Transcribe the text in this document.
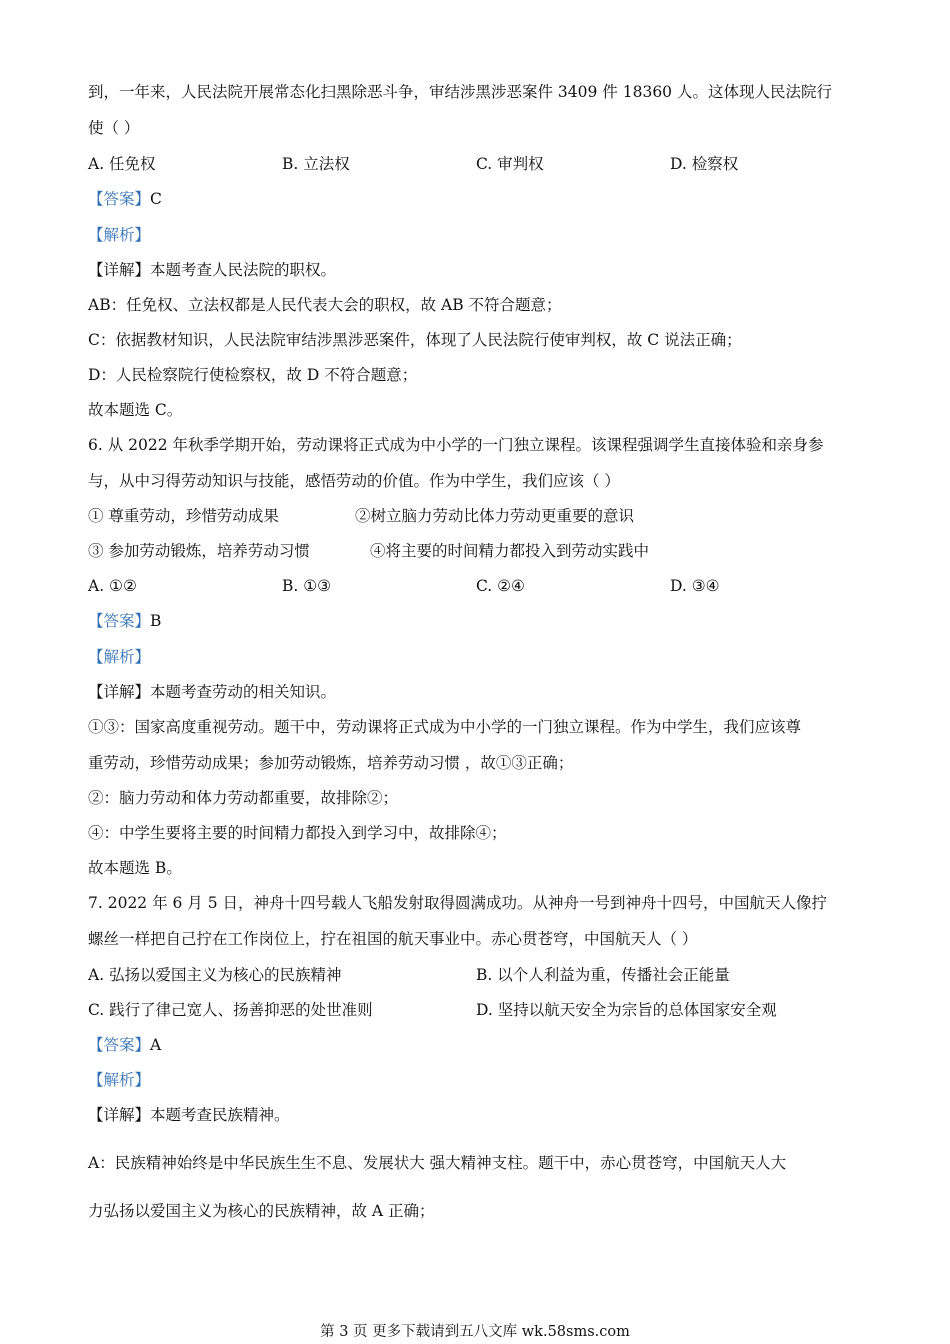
到，一年来，人民法院开展常态化扫黑除恶斗争，审结涉黑涉恶案件 3409 件 18360 人。这体现人民法院行
使（ ）
A. 任免权	B. 立法权	C. 审判权	D. 检察权
【答案】C
【解析】
【详解】本题考查人民法院的职权。
AB：任免权、立法权都是人民代表大会的职权，故 AB 不符合题意；
C：依据教材知识，人民法院审结涉黑涉恶案件，体现了人民法院行使审判权，故 C 说法正确；
D：人民检察院行使检察权，故 D 不符合题意；
故本题选 C。
6. 从 2022 年秋季学期开始，劳动课将正式成为中小学的一门独立课程。该课程强调学生直接体验和亲身参
与，从中习得劳动知识与技能，感悟劳动的价值。作为中学生，我们应该（ ）
① 尊重劳动，珍惜劳动成果	②树立脑力劳动比体力劳动更重要的意识
③ 参加劳动锻炼，培养劳动习惯	④将主要的时间精力都投入到劳动实践中
A. ①②	B. ①③	C. ②④	D. ③④
【答案】B
【解析】
【详解】本题考查劳动的相关知识。
①③：国家高度重视劳动。题干中，劳动课将正式成为中小学的一门独立课程。作为中学生，我们应该尊
重劳动，珍惜劳动成果；参加劳动锻炼，培养劳动习惯 ，故①③正确；
②：脑力劳动和体力劳动都重要，故排除②；
④：中学生要将主要的时间精力都投入到学习中，故排除④；
故本题选 B。
7. 2022 年 6 月 5 日，神舟十四号载人飞船发射取得圆满成功。从神舟一号到神舟十四号，中国航天人像拧
螺丝一样把自己拧在工作岗位上，拧在祖国的航天事业中。赤心贯苍穹，中国航天人（ ）
A. 弘扬以爱国主义为核心的民族精神	B. 以个人利益为重，传播社会正能量
C. 践行了律己宽人、扬善抑恶的处世准则	D. 坚持以航天安全为宗旨的总体国家安全观
【答案】A
【解析】
【详解】本题考查民族精神。
A：民族精神始终是中华民族生生不息、发展状大 强大精神支柱。题干中，赤心贯苍穹，中国航天人大
力弘扬以爱国主义为核心的民族精神，故 A 正确；
第 3 页 更多下载请到五八文库 wk.58sms.com
